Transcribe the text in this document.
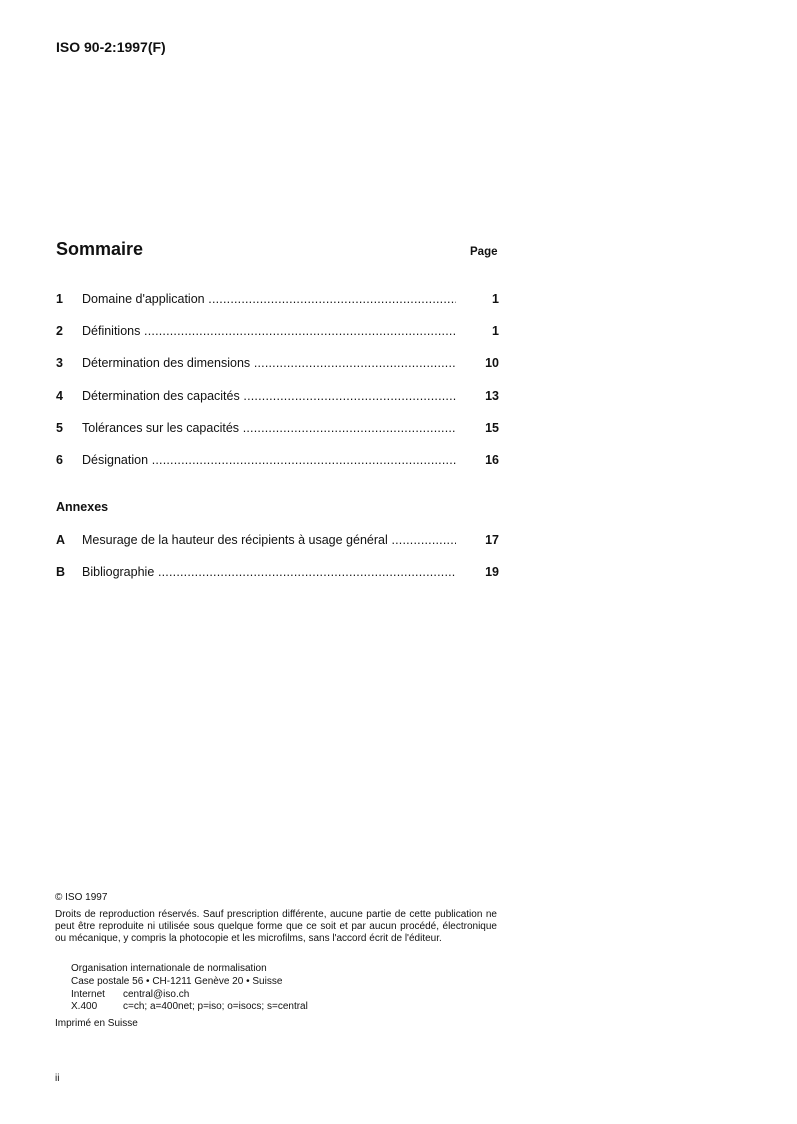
ISO 90-2:1997(F)
Sommaire	Page
1 Domaine d'application .....	1
2 Définitions .....	1
3 Détermination des dimensions .....	10
4 Détermination des capacités .....	13
5 Tolérances sur les capacités .....	15
6 Désignation .....	16
Annexes
A Mesurage de la hauteur des récipients à usage général .....	17
B Bibliographie .....	19
© ISO 1997
Droits de reproduction réservés. Sauf prescription différente, aucune partie de cette publication ne peut être reproduite ni utilisée sous quelque forme que ce soit et par aucun procédé, électronique ou mécanique, y compris la photocopie et les microfilms, sans l'accord écrit de l'éditeur.
Organisation internationale de normalisation
Case postale 56 • CH-1211 Genève 20 • Suisse
Internet central@iso.ch
X.400	c=ch; a=400net; p=iso; o=isocs; s=central
Imprimé en Suisse
ii
